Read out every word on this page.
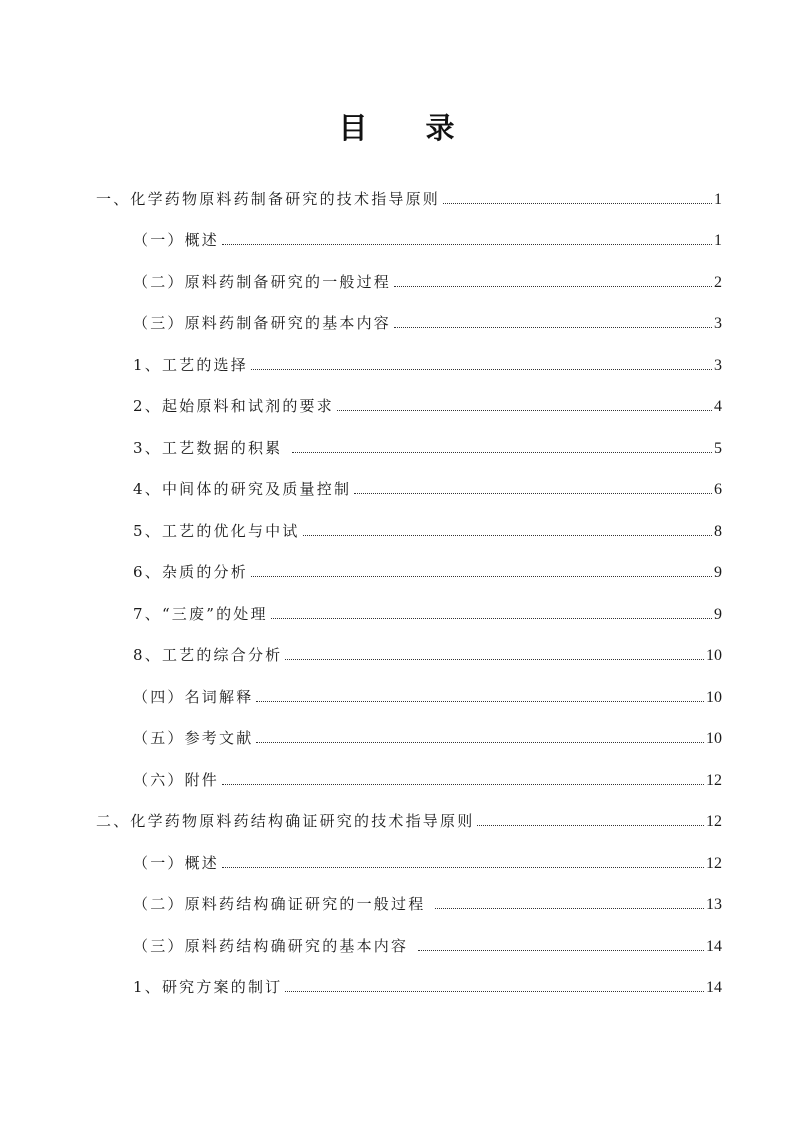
目录
一、化学药物原料药制备研究的技术指导原则	1
（一）概述	1
（二）原料药制备研究的一般过程	2
（三）原料药制备研究的基本内容	3
1、工艺的选择	3
2、起始原料和试剂的要求	4
3、工艺数据的积累	5
4、中间体的研究及质量控制	6
5、工艺的优化与中试	8
6、杂质的分析	9
7、“三废”的处理	9
8、工艺的综合分析	10
（四）名词解释	10
（五）参考文献	10
（六）附件	12
二、化学药物原料药结构确证研究的技术指导原则	12
（一）概述	12
（二）原料药结构确证研究的一般过程	13
（三）原料药结构确研究的基本内容	14
1、研究方案的制订	14
